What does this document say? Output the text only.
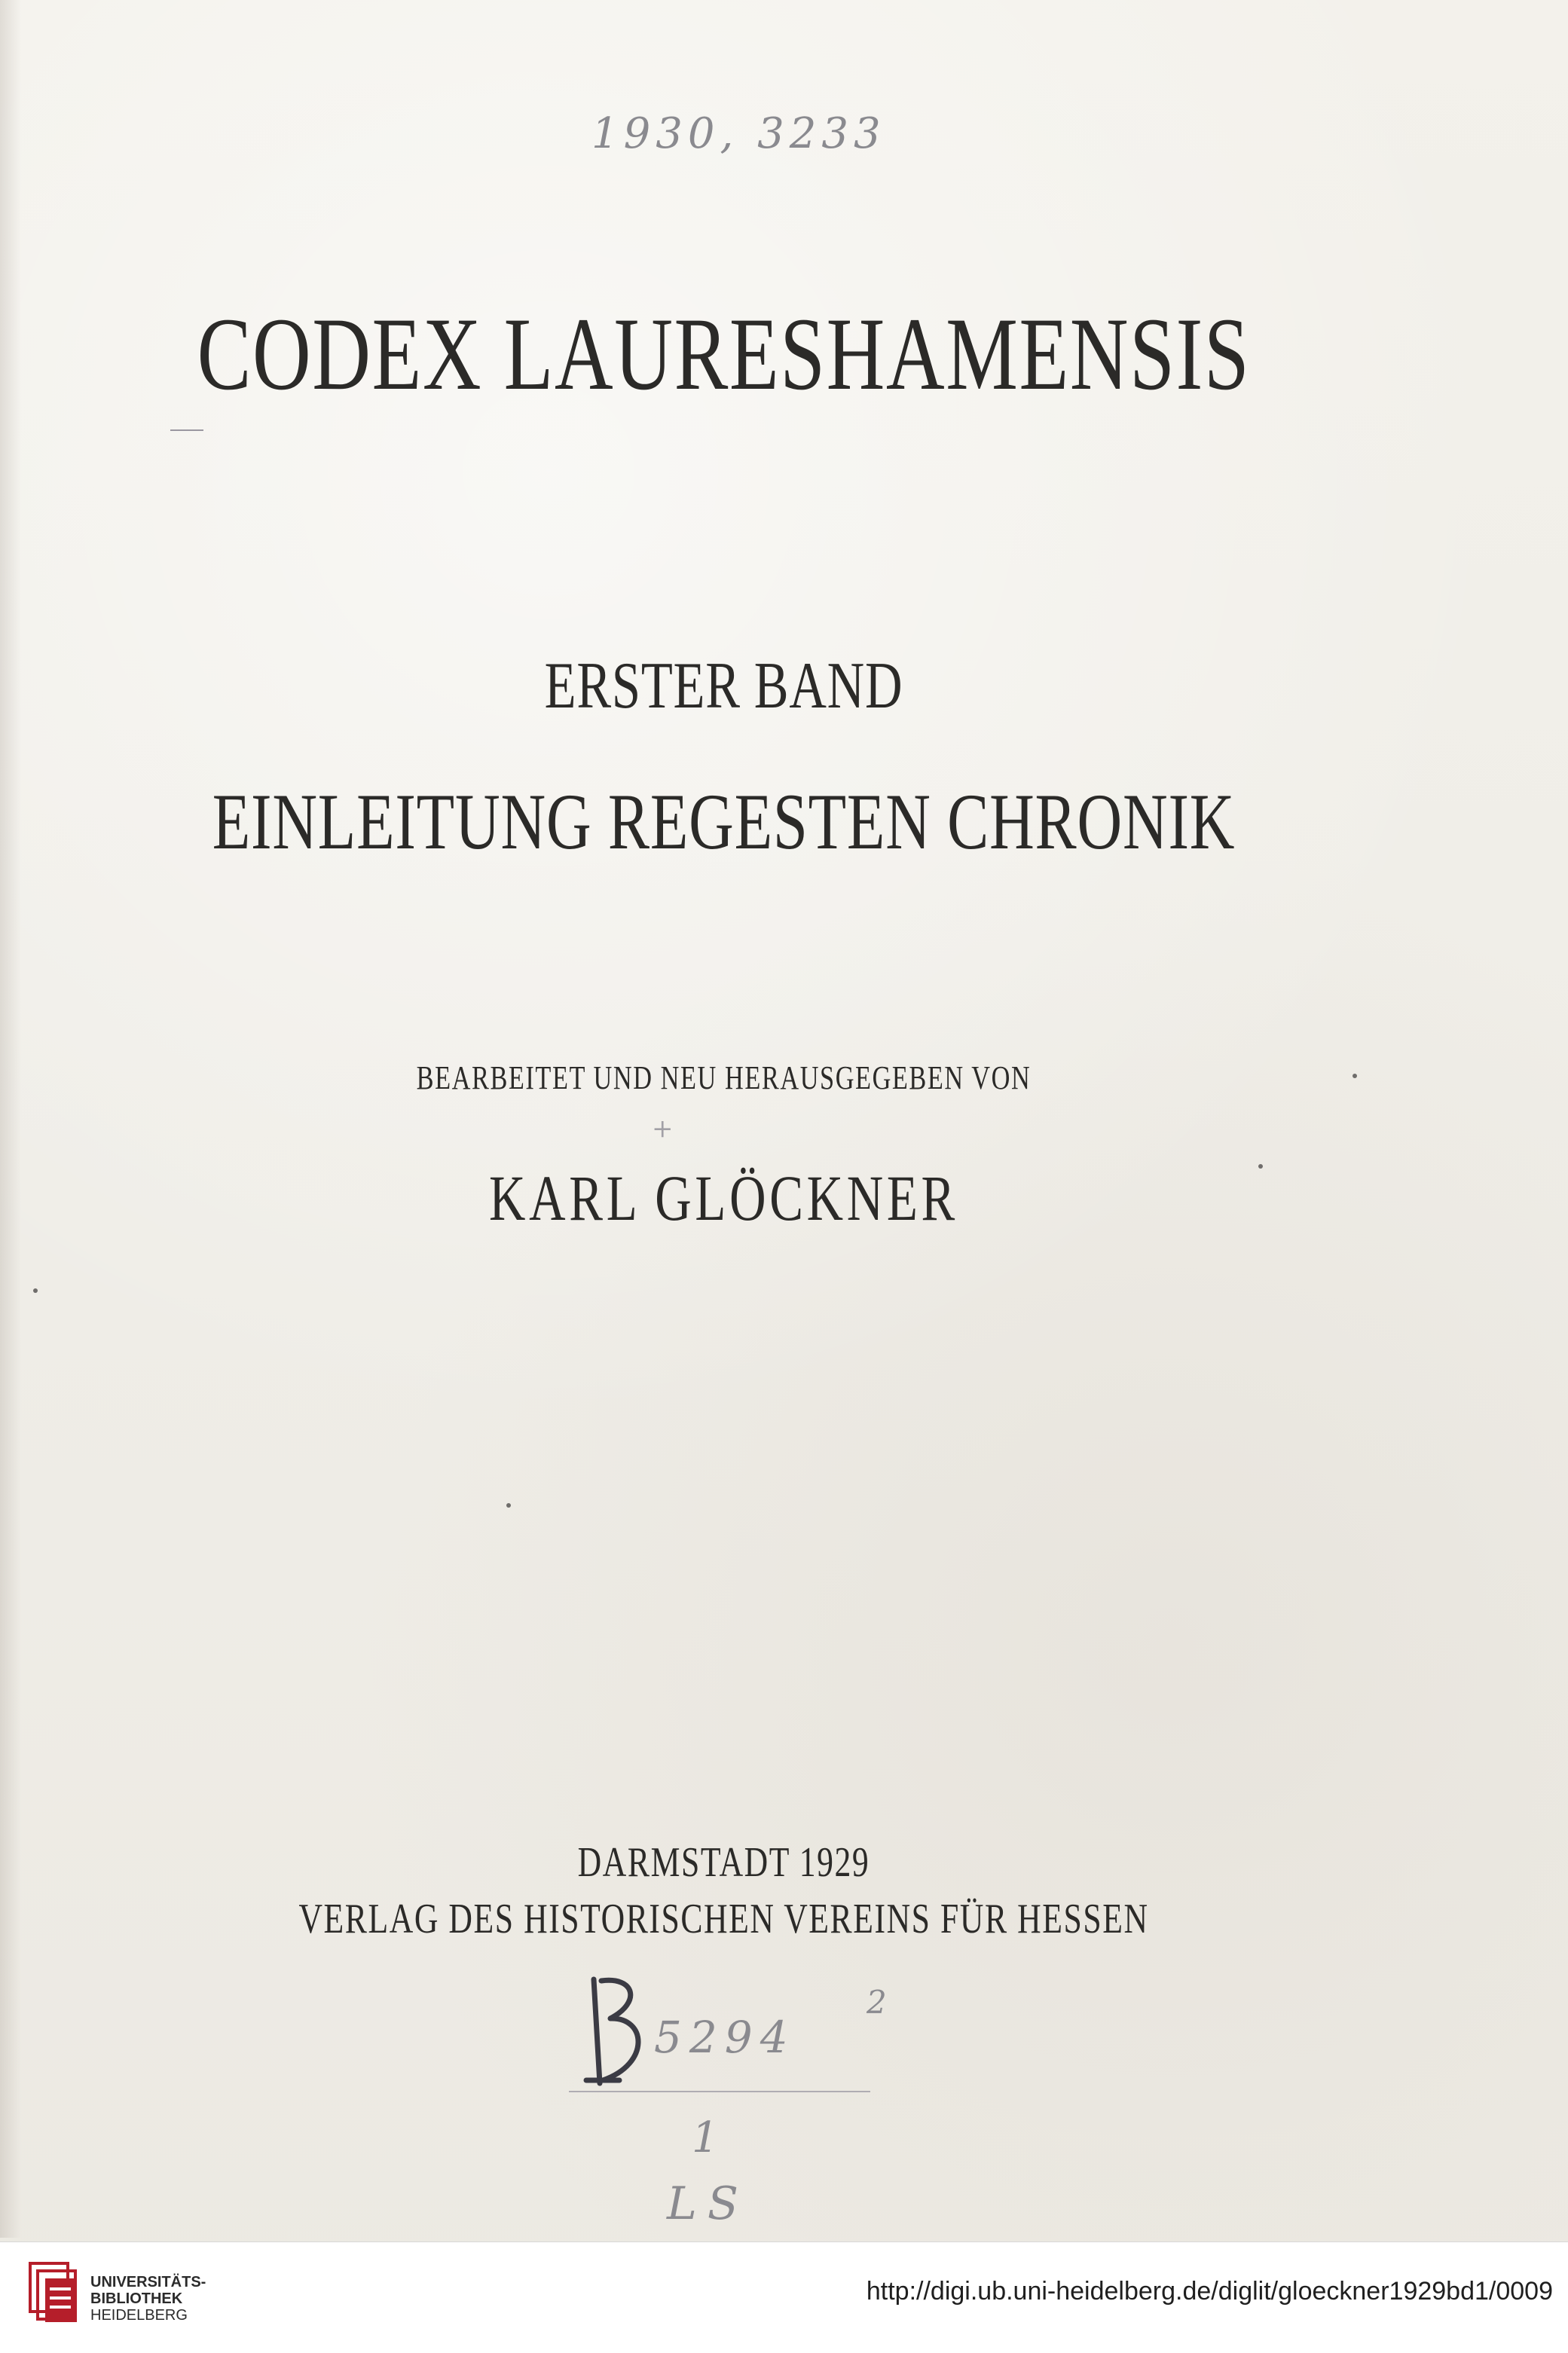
1930, 3233
CODEX LAURESHAMENSIS
ERSTER BAND
EINLEITUNG REGESTEN CHRONIK
BEARBEITET UND NEU HERAUSGEGEBEN VON
+
KARL GLÖCKNER
DARMSTADT 1929
VERLAG DES HISTORISCHEN VEREINS FÜR HESSEN
5294
2
1
LS
UNIVERSITÄTS-
BIBLIOTHEK
HEIDELBERG
http://digi.ub.uni-heidelberg.de/diglit/gloeckner1929bd1/0009
